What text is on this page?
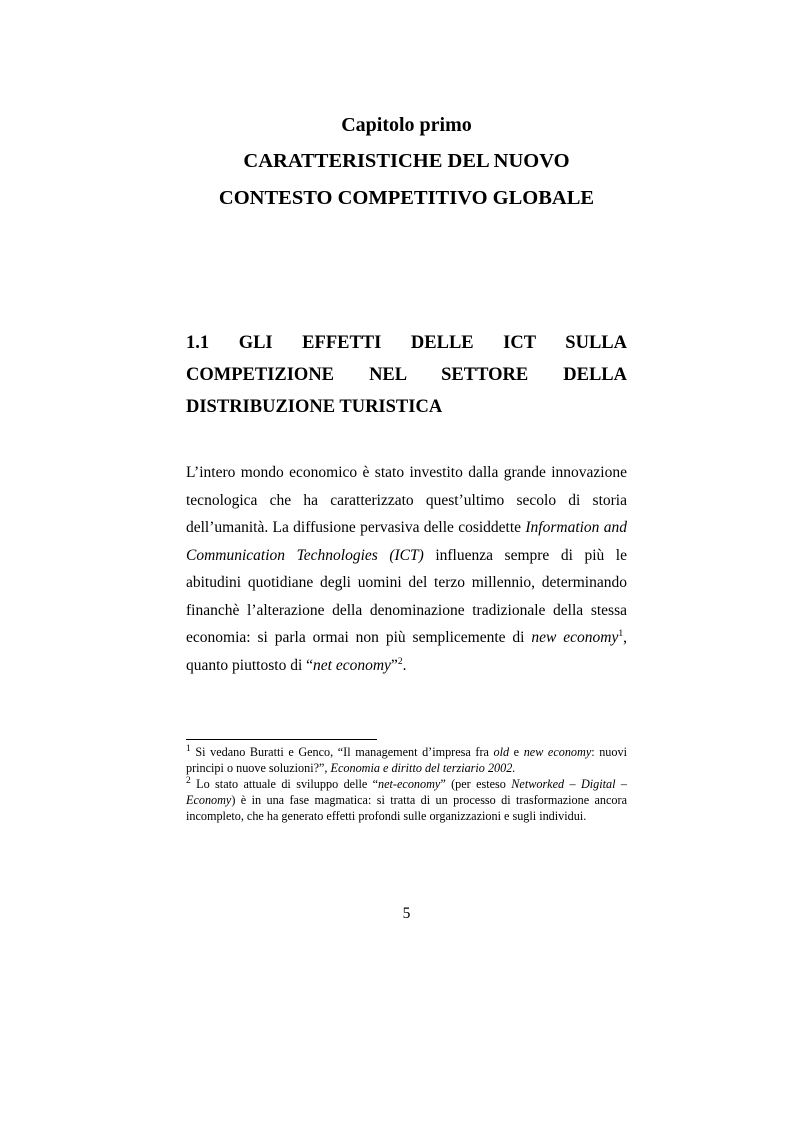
Capitolo primo
CARATTERISTICHE DEL NUOVO
CONTESTO COMPETITIVO GLOBALE
1.1 GLI EFFETTI DELLE ICT SULLA
COMPETIZIONE NEL SETTORE DELLA
DISTRIBUZIONE TURISTICA

L’intero mondo economico è stato investito dalla grande innovazione tecnologica che ha caratterizzato quest’ultimo secolo di storia dell’umanità. La diffusione pervasiva delle cosiddette Information and Communication Technologies (ICT) influenza sempre di più le abitudini quotidiane degli uomini del terzo millennio, determinando financhè l’alterazione della denominazione tradizionale della stessa economia: si parla ormai non più semplicemente di new economy$^1$, quanto piuttosto di “net economy”$^2$.

$^1$ Si vedano Buratti e Genco, “Il management d’impresa fra old e new economy: nuovi principi o nuove soluzioni?”, Economia e diritto del terziario 2002.

$^2$ Lo stato attuale di sviluppo delle “net-economy” (per esteso Networked – Digital – Economy) è in una fase magmatica: si tratta di un processo di trasformazione ancora incompleto, che ha generato effetti profondi sulle organizzazioni e sugli individui.

5
